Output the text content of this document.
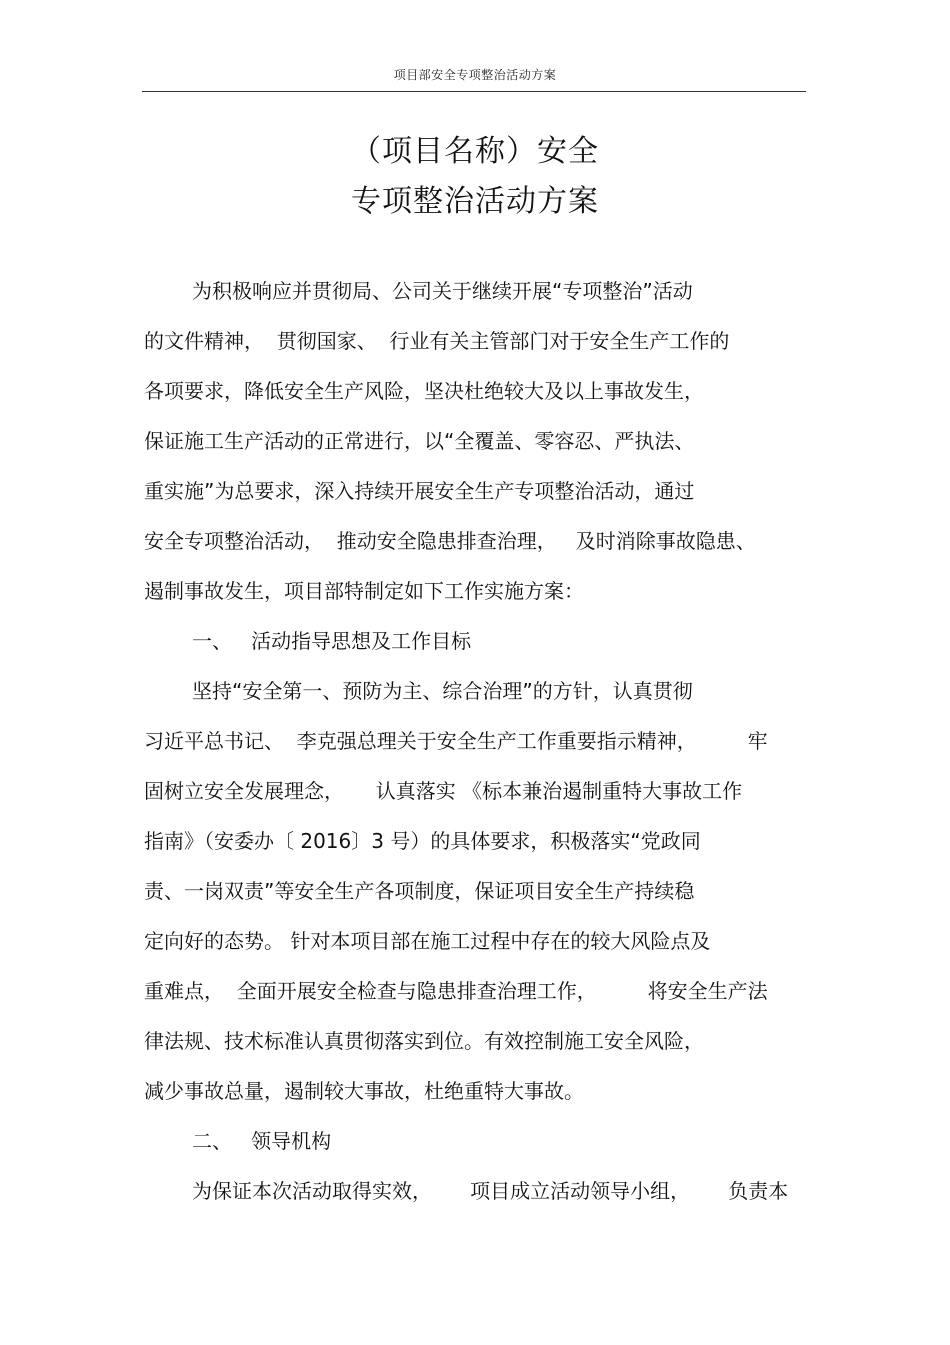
项目部安全专项整治活动方案
（项目名称）安全
专项整治活动方案
为积极响应并贯彻局、公司关于继续开展“专项整治”活动
的文件精神，  贯彻国家、  行业有关主管部门对于安全生产工作的
各项要求，降低安全生产风险，坚决杜绝较大及以上事故发生，
保证施工生产活动的正常进行，以“全覆盖、零容忍、严执法、
重实施”为总要求，深入持续开展安全生产专项整治活动，通过
安全专项整治活动，  推动安全隐患排查治理，   及时消除事故隐患、
遏制事故发生，项目部特制定如下工作实施方案：
一、   活动指导思想及工作目标
坚持“安全第一、预防为主、综合治理”的方针，认真贯彻
习近平总书记、  李克强总理关于安全生产工作重要指示精神，        牢
固树立安全发展理念，     认真落实 《标本兼治遏制重特大事故工作
指南》（安委办〔 2016〕3 号）的具体要求，积极落实“党政同
责、一岗双责”等安全生产各项制度，保证项目安全生产持续稳
定向好的态势。 针对本项目部在施工过程中存在的较大风险点及
重难点，  全面开展安全检查与隐患排查治理工作，        将安全生产法
律法规、技术标准认真贯彻落实到位。有效控制施工安全风险，
减少事故总量，遏制较大事故，杜绝重特大事故。
二、   领导机构
为保证本次活动取得实效，      项目成立活动领导小组，      负责本
